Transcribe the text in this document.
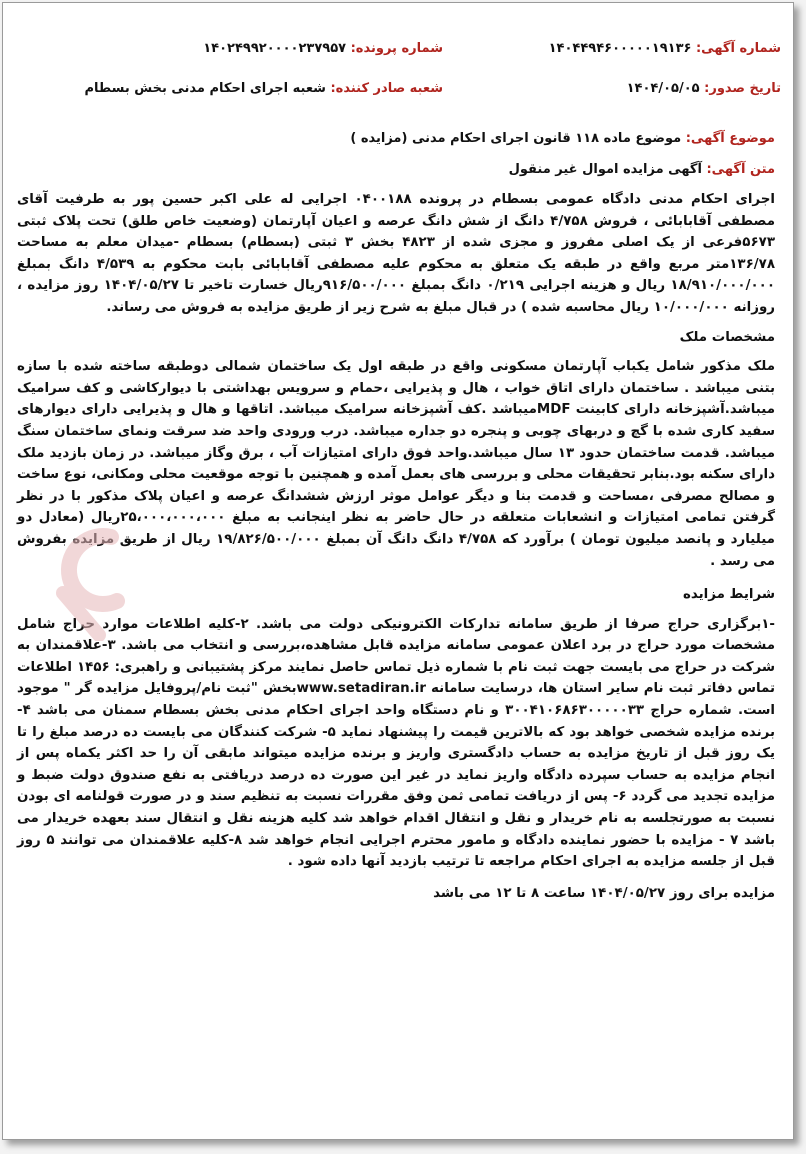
شماره آگهی: ۱۴۰۴۴۹۴۶۰۰۰۰۰۱۹۱۳۶
شماره پرونده: ۱۴۰۲۴۹۹۲۰۰۰۰۲۳۷۹۵۷
تاریخ صدور: ۱۴۰۴/۰۵/۰۵
شعبه صادر کننده: شعبه اجرای احکام مدنی بخش بسطام
موضوع آگهی: موضوع ماده ۱۱۸ قانون اجرای احکام مدنی (مزایده )
متن آگهی: آگهی مزایده اموال غیر منقول

اجرای احکام مدنی دادگاه عمومی بسطام در پرونده ۰۴۰۰۱۸۸ اجرایی له علی اکبر حسین پور به طرفیت آقای مصطفی آقابابائی ، فروش ۴/۷۵۸ دانگ از شش دانگ عرصه و اعیان آپارتمان (وضعیت خاص طلق) تحت پلاک ثبتی ۵۶۷۳فرعی از یک اصلی مفروز و مجزی شده از ۴۸۲۳ بخش ۳ ثبتی (بسطام) بسطام -میدان معلم به مساحت ۱۳۶/۷۸متر مربع واقع در طبقه یک متعلق به محکوم علیه مصطفی آقابابائی بابت محکوم به ۴/۵۳۹ دانگ بمبلغ ۱۸/۹۱۰/۰۰۰/۰۰۰ ریال و هزینه اجرایی ۰/۲۱۹ دانگ بمبلغ ۹۱۶/۵۰۰/۰۰۰ریال خسارت تاخیر تا ۱۴۰۴/۰۵/۲۷ روز مزایده ، روزانه ۱۰/۰۰۰/۰۰۰ ریال محاسبه شده ) در قبال مبلغ به شرح زیر از طریق مزایده به فروش می رساند.

مشخصات ملک

ملک مذکور شامل یکباب آپارتمان مسکونی واقع در طبقه اول یک ساختمان شمالی دوطبقه ساخته شده با سازه بتنی میباشد . ساختمان دارای اتاق خواب ، هال و پذیرایی ،حمام و سرویس بهداشتی با دیوارکاشی و کف سرامیک میباشد.آشپزخانه دارای کابینت MDFمیباشد .کف آشپزخانه سرامیک میباشد. اتاقها و هال و پذیرایی دارای دیوارهای سفید کاری شده با گچ و دربهای چوبی و پنجره دو جداره میباشد. درب ورودی واحد ضد سرقت ونمای ساختمان سنگ میباشد. قدمت ساختمان حدود ۱۳ سال میباشد.واحد فوق دارای امتیازات آب ، برق وگاز میباشد. در زمان بازدید ملک دارای سکنه بود.بنابر تحقیقات محلی و بررسی های بعمل آمده و همچنین با توجه موقعیت محلی ومکانی، نوع ساخت و مصالح مصرفی ،مساحت و قدمت بنا و دیگر عوامل موثر ارزش ششدانگ عرصه و اعیان پلاک مذکور با در نظر گرفتن تمامی امتیازات و انشعابات متعلقه در حال حاضر به نظر اینجانب به مبلغ ۲۵،۰۰۰،۰۰۰،۰۰۰ریال (معادل دو میلیارد و پانصد میلیون تومان ) برآورد که ۴/۷۵۸ دانگ دانگ آن بمبلغ ۱۹/۸۲۶/۵۰۰/۰۰۰ ریال از طریق مزایده بفروش می رسد .

شرایط مزایده

-۱برگزاری حراج صرفا از طریق سامانه تدارکات الکترونیکی دولت می باشد. ۲-کلیه اطلاعات موارد حراج شامل مشخصات مورد حراج در برد اعلان عمومی سامانه مزایده قابل مشاهده،بررسی و انتخاب می باشد. ۳-علاقمندان به شرکت در حراج می بایست جهت ثبت نام با شماره ذیل تماس حاصل نمایند مرکز پشتیبانی و راهبری: ۱۴۵۶ اطلاعات تماس دفاتر ثبت نام سایر استان ها، درسایت سامانه www.setadiran.irبخش "ثبت نام/پروفایل مزایده گر " موجود است. شماره حراج ۳۰۰۴۱۰۶۸۶۳۰۰۰۰۰۳۳ و نام دستگاه واحد اجرای احکام مدنی بخش بسطام سمنان می باشد ۴- برنده مزایده شخصی خواهد بود که بالاترین قیمت را پیشنهاد نماید ۵- شرکت کنندگان می بایست ده درصد مبلغ را تا یک روز قبل از تاریخ مزایده به حساب دادگستری واریز و برنده مزایده میتواند مابقی آن را حد اکثر یکماه پس از انجام مزایده به حساب سپرده دادگاه واریز نماید در غیر این صورت ده درصد دریافتی به نفع صندوق دولت ضبط و مزایده تجدید می گردد ۶- پس از دریافت تمامی ثمن وفق مقررات نسبت به تنظیم سند و در صورت قولنامه ای بودن نسبت به صورتجلسه به نام خریدار و نقل و انتقال اقدام خواهد شد کلیه هزینه نقل و انتقال سند بعهده خریدار می باشد ۷ - مزایده با حضور نماینده دادگاه و مامور محترم اجرایی انجام خواهد شد ۸-کلیه علاقمندان می توانند ۵ روز قبل از جلسه مزایده به اجرای احکام مراجعه تا ترتیب بازدید آنها داده شود .

مزایده برای روز ۱۴۰۴/۰۵/۲۷ ساعت ۸ تا ۱۲ می باشد
